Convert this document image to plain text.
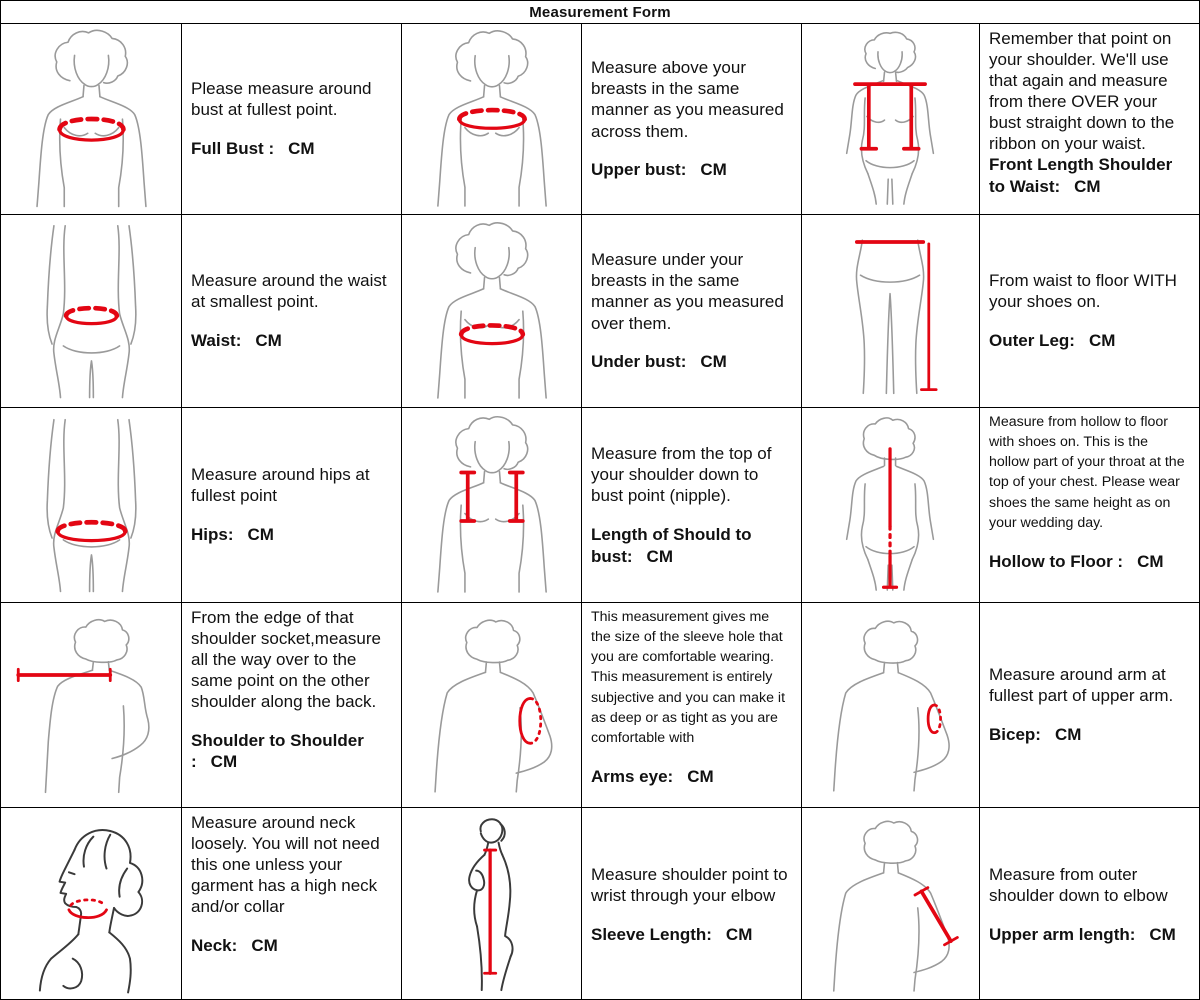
Measurement Form
Please measure around bust at fullest point.
Full Bust : CM
Measure above your breasts in the same manner as you measured across them.
Upper bust: CM
Remember that point on your shoulder. We'll use that again and measure from there OVER your bust straight down to the ribbon on your waist.
Front Length Shoulder to Waist: CM
Measure around the waist at smallest point.
Waist: CM
Measure under your breasts in the same manner as you measured over them.
Under bust: CM
From waist to floor WITH your shoes on.
Outer Leg: CM
Measure around hips at fullest point
Hips: CM
Measure from the top of your shoulder down to bust point (nipple).
Length of Should to bust: CM
Measure from hollow to floor with shoes on. This is the hollow part of your throat at the top of your chest. Please wear shoes the same height as on your wedding day.
Hollow to Floor : CM
From the edge of that shoulder socket,measure all the way over to the same point on the other shoulder along the back.
Shoulder to Shoulder : CM
This measurement gives me the size of the sleeve hole that you are comfortable wearing. This measurement is entirely subjective and you can make it as deep or as tight as you are comfortable with
Arms eye: CM
Measure around arm at fullest part of upper arm.
Bicep: CM
Measure around neck loosely. You will not need this one unless your garment has a high neck and/or collar
Neck: CM
Measure shoulder point to wrist through your elbow
Sleeve Length: CM
Measure from outer shoulder down to elbow
Upper arm length: CM
